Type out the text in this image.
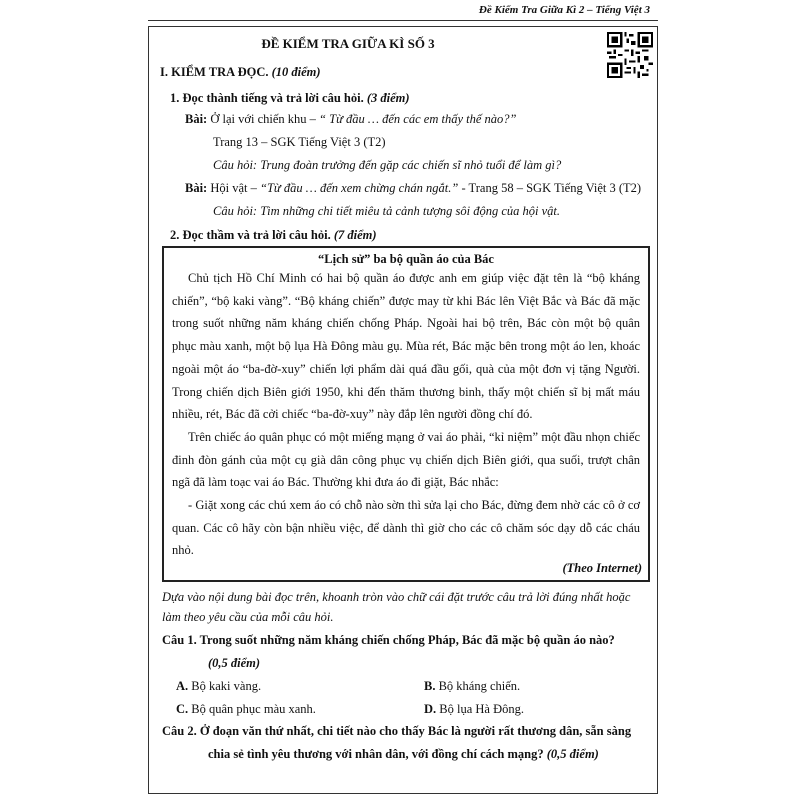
Đề Kiểm Tra Giữa Kì 2 – Tiếng Việt 3
ĐỀ KIỂM TRA GIỮA KÌ SỐ 3
I. KIỂM TRA ĐỌC. (10 điểm)
1. Đọc thành tiếng và trả lời câu hỏi. (3 điểm)
Bài: Ở lại với chiến khu – “ Từ đầu … đến các em thấy thế nào?”
Trang 13 – SGK Tiếng Việt 3 (T2)
Câu hỏi: Trung đoàn trưởng đến gặp các chiến sĩ nhỏ tuổi để làm gì?
Bài: Hội vật – “Từ đầu … đến xem chừng chán ngắt.” - Trang 58 – SGK Tiếng Việt 3 (T2)
Câu hỏi: Tìm những chi tiết miêu tả cảnh tượng sôi động của hội vật.
2. Đọc thầm và trả lời câu hỏi. (7 điểm)
“Lịch sử” ba bộ quần áo của Bác

Chủ tịch Hồ Chí Minh có hai bộ quần áo được anh em giúp việc đặt tên là “bộ kháng chiến”, “bộ kaki vàng”. “Bộ kháng chiến” được may từ khi Bác lên Việt Bắc và Bác đã mặc trong suốt những năm kháng chiến chống Pháp. Ngoài hai bộ trên, Bác còn một bộ quân phục màu xanh, một bộ lụa Hà Đông màu gụ. Mùa rét, Bác mặc bên trong một áo len, khoác ngoài một áo “ba-đờ-xuy” chiến lợi phẩm dài quá đầu gối, quà của một đơn vị tặng Người. Trong chiến dịch Biên giới 1950, khi đến thăm thương binh, thấy một chiến sĩ bị mất máu nhiều, rét, Bác đã cởi chiếc “ba-đờ-xuy” này đắp lên người đồng chí đó.

Trên chiếc áo quân phục có một miếng mạng ở vai áo phải, “kỉ niệm” một đầu nhọn chiếc đinh đòn gánh của một cụ già dân công phục vụ chiến dịch Biên giới, qua suối, trượt chân ngã đã làm toạc vai áo Bác. Thường khi đưa áo đi giặt, Bác nhắc:

- Giặt xong các chú xem áo có chỗ nào sờn thì sửa lại cho Bác, đừng đem nhờ các cô ở cơ quan. Các cô hãy còn bận nhiều việc, để dành thì giờ cho các cô chăm sóc dạy dỗ các cháu nhỏ.

(Theo Internet)
Dựa vào nội dung bài đọc trên, khoanh tròn vào chữ cái đặt trước câu trả lời đúng nhất hoặc
làm theo yêu cầu của mỗi câu hỏi.
Câu 1. Trong suốt những năm kháng chiến chống Pháp, Bác đã mặc bộ quần áo nào?
(0,5 điểm)
A. Bộ kaki vàng.	B. Bộ kháng chiến.
C. Bộ quân phục màu xanh.	D. Bộ lụa Hà Đông.
Câu 2. Ở đoạn văn thứ nhất, chi tiết nào cho thấy Bác là người rất thương dân, sẵn sàng
chia sẻ tình yêu thương với nhân dân, với đồng chí cách mạng? (0,5 điểm)
